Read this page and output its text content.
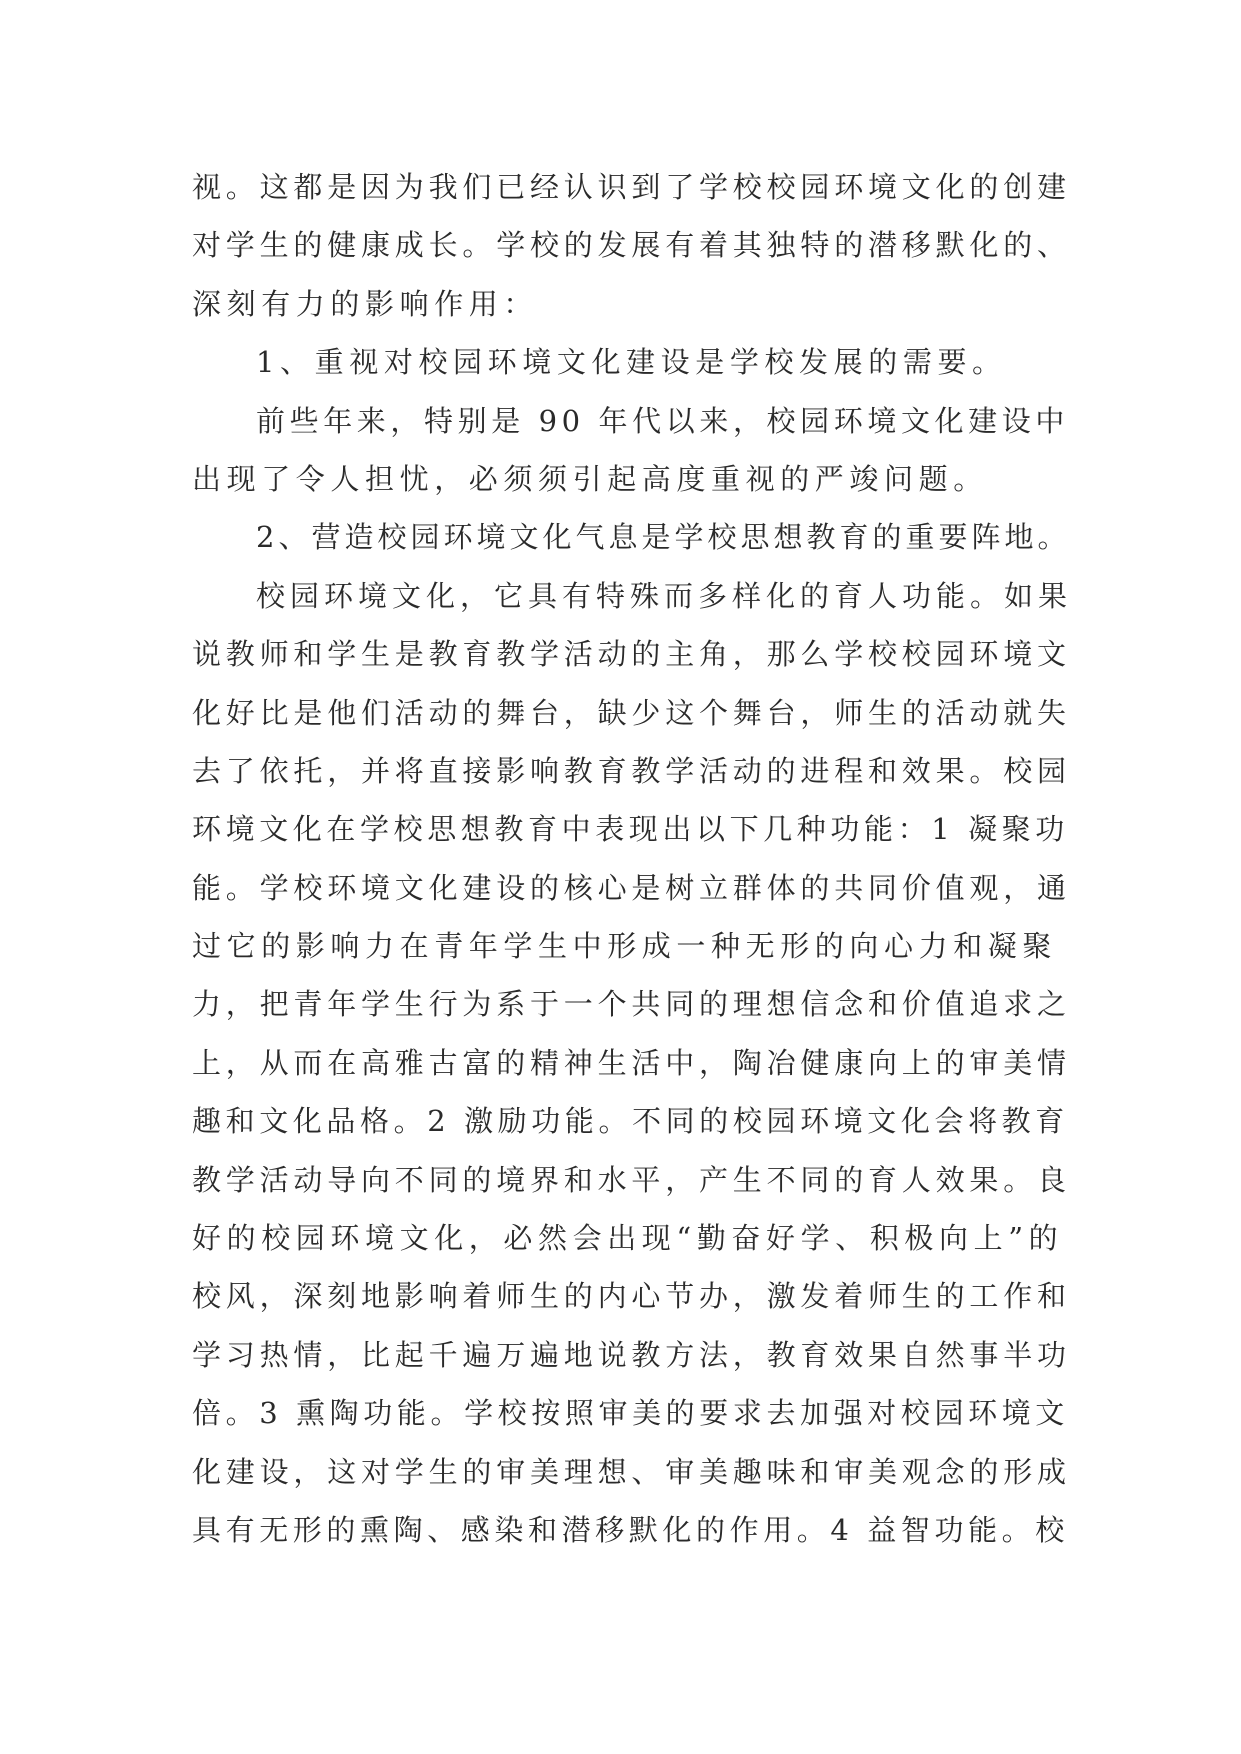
视。这都是因为我们已经认识到了学校校园环境文化的创建
对学生的健康成长。学校的发展有着其独特的潜移默化的、
深刻有力的影响作用：
1、重视对校园环境文化建设是学校发展的需要。
前些年来，特别是 90 年代以来，校园环境文化建设中
出现了令人担忧，必须须引起高度重视的严竣问题。
2、营造校园环境文化气息是学校思想教育的重要阵地。
校园环境文化，它具有特殊而多样化的育人功能。如果
说教师和学生是教育教学活动的主角，那么学校校园环境文
化好比是他们活动的舞台，缺少这个舞台，师生的活动就失
去了依托，并将直接影响教育教学活动的进程和效果。校园
环境文化在学校思想教育中表现出以下几种功能：1 凝聚功
能。学校环境文化建设的核心是树立群体的共同价值观，通
过它的影响力在青年学生中形成一种无形的向心力和凝聚
力，把青年学生行为系于一个共同的理想信念和价值追求之
上，从而在高雅古富的精神生活中，陶冶健康向上的审美情
趣和文化品格。2 激励功能。不同的校园环境文化会将教育
教学活动导向不同的境界和水平，产生不同的育人效果。良
好的校园环境文化，必然会出现“勤奋好学、积极向上”的
校风，深刻地影响着师生的内心节办，激发着师生的工作和
学习热情，比起千遍万遍地说教方法，教育效果自然事半功
倍。3 熏陶功能。学校按照审美的要求去加强对校园环境文
化建设，这对学生的审美理想、审美趣味和审美观念的形成
具有无形的熏陶、感染和潜移默化的作用。4 益智功能。校
